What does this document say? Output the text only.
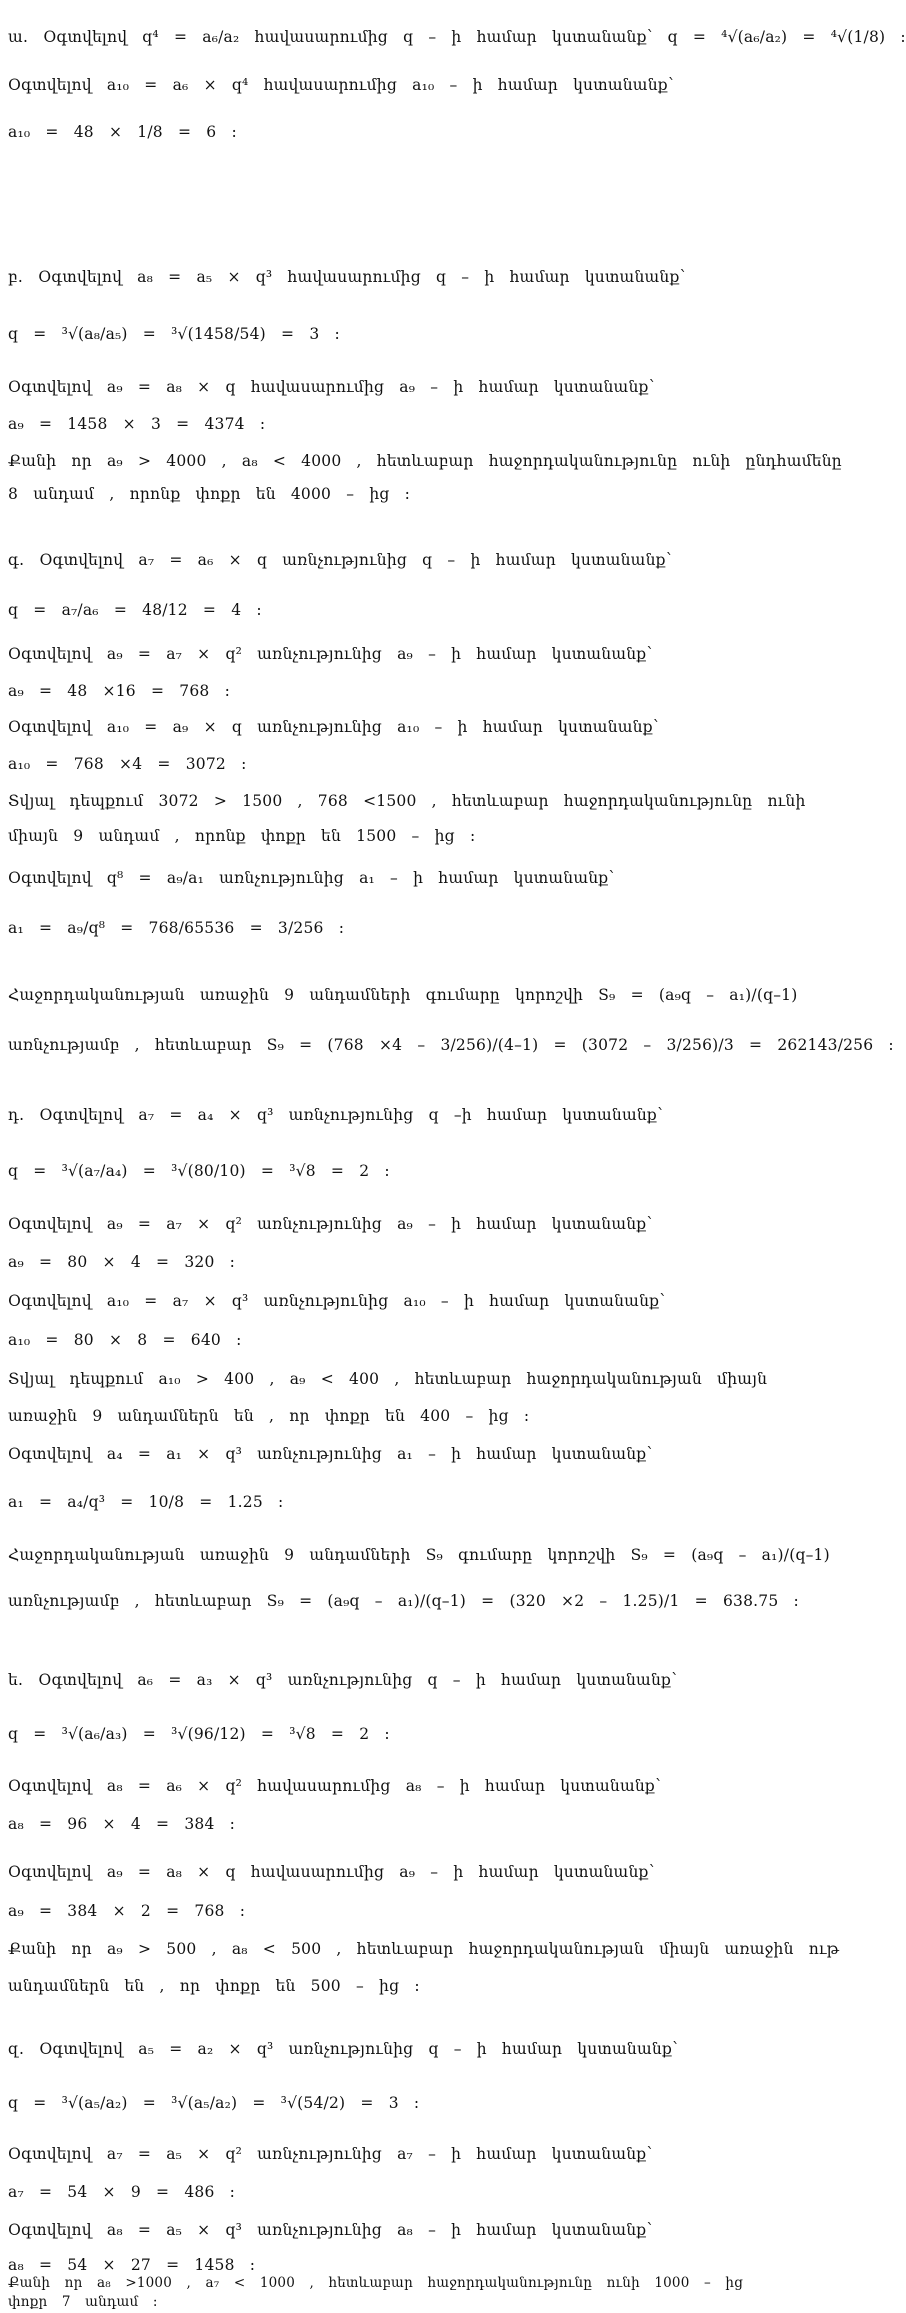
ա․ Օգտվելով q⁴ = a₆/a₂ հավասարումից q – ի համար կստանանք՝ q = ⁴√(a₆/a₂) = ⁴√(1/8) :
Օգտվելով a₁₀ = a₆ × q⁴ հավասարումից a₁₀ – ի համար կստանանք՝
a₁₀ = 48 × 1/8 = 6 :
բ․ Օգտվելով a₈ = a₅ × q³ հավասարումից q – ի համար կստանանք՝
q = ³√(a₈/a₅) = ³√(1458/54) = 3 :
Օգտվելով a₉ = a₈ × q հավասարումից a₉ – ի համար կստանանք՝
a₉ = 1458 × 3 = 4374 :
Քանի որ a₉ > 4000 , a₈ < 4000 , հետևաբար հաջորդականությունը ունի ընդհամենը
8 անդամ , որոնք փոքր են 4000 – ից :
գ․ Օգտվելով a₇ = a₆ × q առնչությունից q – ի համար կստանանք՝
q = a₇/a₆ = 48/12 = 4 :
Օգտվելով a₉ = a₇ × q² առնչությունից a₉ – ի համար կստանանք՝
a₉ = 48 ×16 = 768 :
Օգտվելով a₁₀ = a₉ × q առնչությունից a₁₀ – ի համար կստանանք՝
a₁₀ = 768 ×4 = 3072 :
Տվյալ դեպքում 3072 > 1500 , 768 <1500 , հետևաբար հաջորդականությունը ունի
միայն 9 անդամ , որոնք փոքր են 1500 – ից :
Օգտվելով q⁸ = a₉/a₁ առնչությունից a₁ – ի համար կստանանք՝
a₁ = a₉/q⁸ = 768/65536 = 3/256 :
Հաջորդականության առաջին 9 անդամների գումարը կորոշվի S₉ = (a₉q – a₁)/(q–1)
առնչությամբ , հետևաբար S₉ = (768 ×4 – 3/256)/(4–1) = (3072 – 3/256)/3 = 262143/256 :
դ․ Օգտվելով a₇ = a₄ × q³ առնչությունից q –ի համար կստանանք՝
q = ³√(a₇/a₄) = ³√(80/10) = ³√8 = 2 :
Օգտվելով a₉ = a₇ × q² առնչությունից a₉ – ի համար կստանանք՝
a₉ = 80 × 4 = 320 :
Օգտվելով a₁₀ = a₇ × q³ առնչությունից a₁₀ – ի համար կստանանք՝
a₁₀ = 80 × 8 = 640 :
Տվյալ դեպքում a₁₀ > 400 , a₉ < 400 , հետևաբար հաջորդականության միայն
առաջին 9 անդամներն են , որ փոքր են 400 – ից :
Օգտվելով a₄ = a₁ × q³ առնչությունից a₁ – ի համար կստանանք՝
a₁ = a₄/q³ = 10/8 = 1.25 :
Հաջորդականության առաջին 9 անդամների S₉ գումարը կորոշվի S₉ = (a₉q – a₁)/(q–1)
առնչությամբ , հետևաբար S₉ = (a₉q – a₁)/(q–1) = (320 ×2 – 1.25)/1 = 638.75 :
ե․ Օգտվելով a₆ = a₃ × q³ առնչությունից q – ի համար կստանանք՝
q = ³√(a₆/a₃) = ³√(96/12) = ³√8 = 2 :
Օգտվելով a₈ = a₆ × q² հավասարումից a₈ – ի համար կստանանք՝
a₈ = 96 × 4 = 384 :
Օգտվելով a₉ = a₈ × q հավասարումից a₉ – ի համար կստանանք՝
a₉ = 384 × 2 = 768 :
Քանի որ a₉ > 500 , a₈ < 500 , հետևաբար հաջորդականության միայն առաջին ութ
անդամներն են , որ փոքր են 500 – ից :
զ․ Օգտվելով a₅ = a₂ × q³ առնչությունից q – ի համար կստանանք՝
q = ³√(a₅/a₂) = ³√(a₅/a₂) = ³√(54/2) = 3 :
Օգտվելով a₇ = a₅ × q² առնչությունից a₇ – ի համար կստանանք՝
a₇ = 54 × 9 = 486 :
Օգտվելով a₈ = a₅ × q³ առնչությունից a₈ – ի համար կստանանք՝
a₈ = 54 × 27 = 1458 :
Քանի որ a₈ >1000 , a₇ < 1000 , հետևաբար հաջորդականությունը ունի 1000 – ից
փոքր 7 անդամ :
